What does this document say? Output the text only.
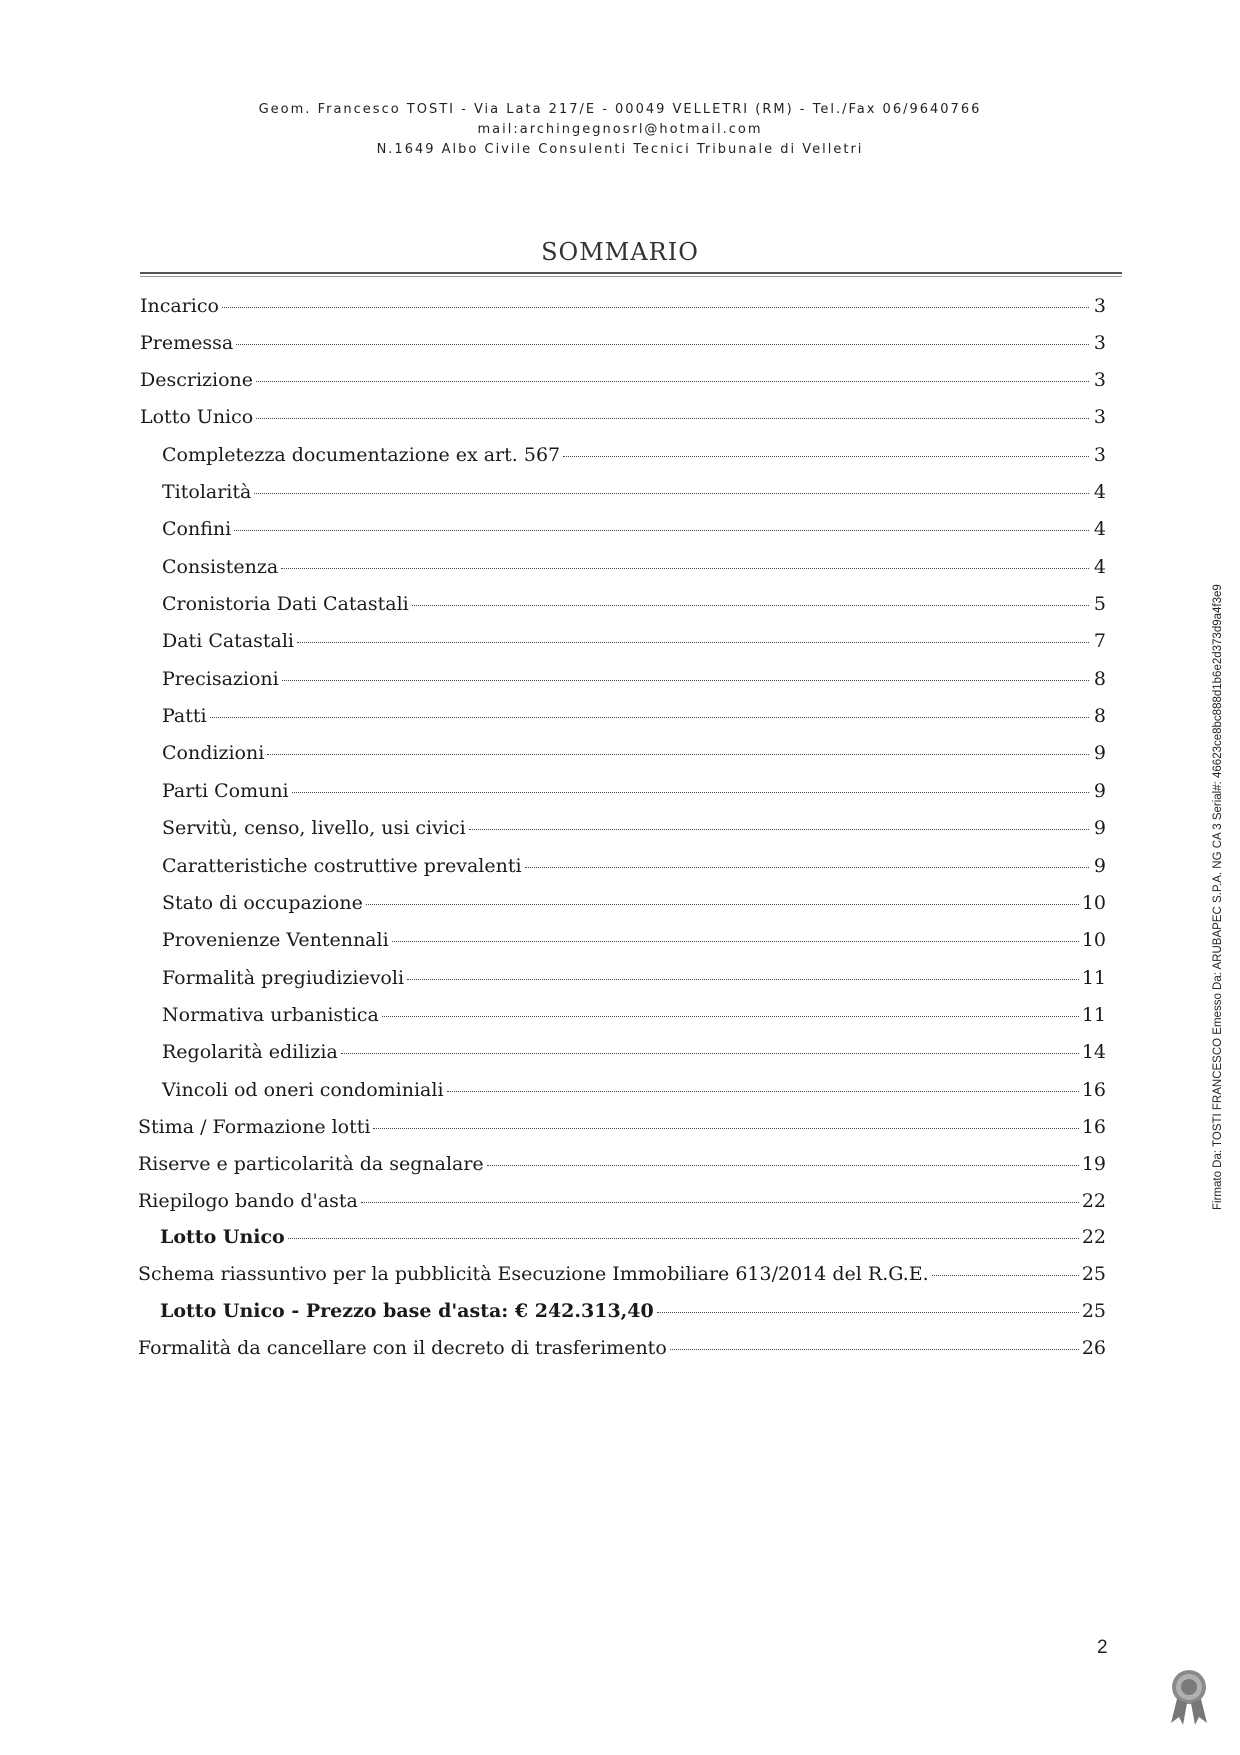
Geom. Francesco TOSTI - Via Lata 217/E - 00049 VELLETRI (RM) - Tel./Fax 06/9640766
mail:archingegnosrl@hotmail.com
N.1649 Albo Civile Consulenti Tecnici Tribunale di Velletri
SOMMARIO
Incarico	3
Premessa	3
Descrizione	3
Lotto Unico	3
Completezza documentazione ex art. 567	3
Titolarità	4
Confini	4
Consistenza	4
Cronistoria Dati Catastali	5
Dati Catastali	7
Precisazioni	8
Patti	8
Condizioni	9
Parti Comuni	9
Servitù, censo, livello, usi civici	9
Caratteristiche costruttive prevalenti	9
Stato di occupazione	10
Provenienze Ventennali	10
Formalità pregiudizievoli	11
Normativa urbanistica	11
Regolarità edilizia	14
Vincoli od oneri condominiali	16
Stima / Formazione lotti	16
Riserve e particolarità da segnalare	19
Riepilogo bando d'asta	22
Lotto Unico	22
Schema riassuntivo per la pubblicità Esecuzione Immobiliare 613/2014 del R.G.E.	25
Lotto Unico - Prezzo base d'asta: € 242.313,40	25
Formalità da cancellare con il decreto di trasferimento	26
2
Firmato Da: TOSTI FRANCESCO Emesso Da: ARUBAPEC S.P.A. NG CA 3 Serial#: 46623ce8bc888d1b6e2d373d9a4f3e9
